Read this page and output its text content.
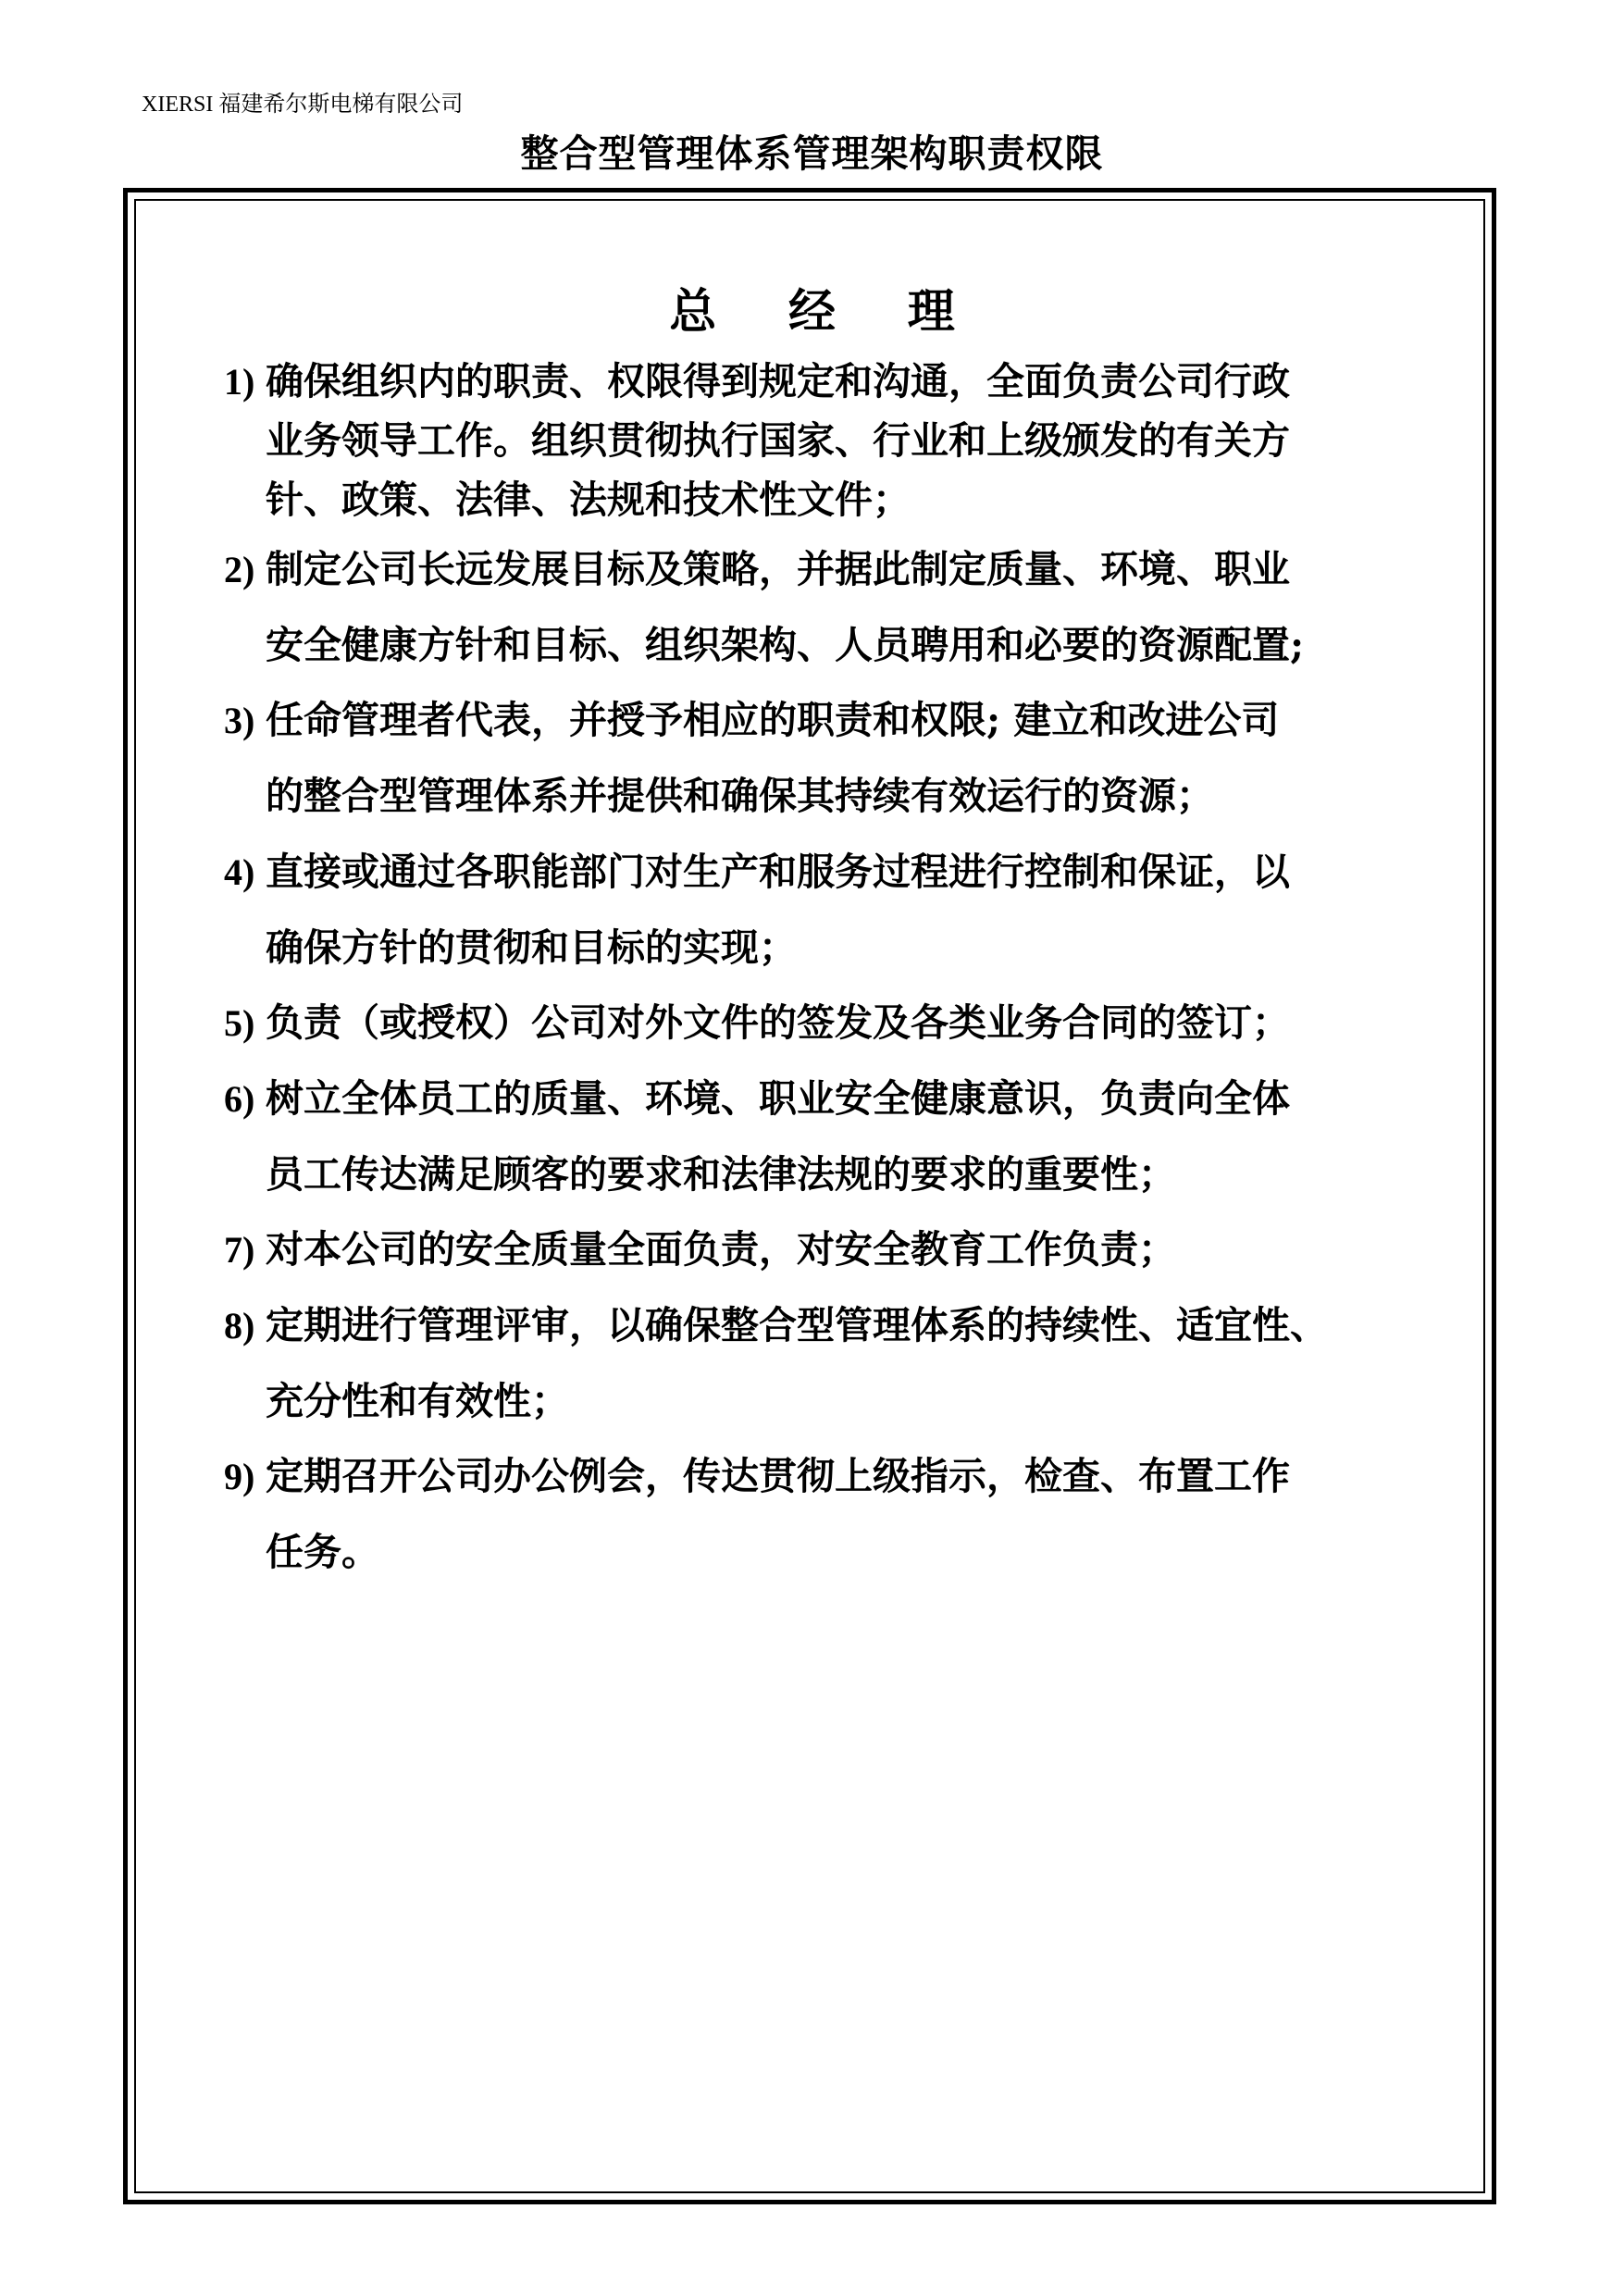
XIERSI 福建希尔斯电梯有限公司
整合型管理体系管理架构职责权限
总 经 理
1) 确保组织内的职责、权限得到规定和沟通，全面负责公司行政
业务领导工作。组织贯彻执行国家、行业和上级颁发的有关方
针、政策、法律、法规和技术性文件；
2) 制定公司长远发展目标及策略，并据此制定质量、环境、职业
安全健康方针和目标、组织架构、人员聘用和必要的资源配置;
3) 任命管理者代表，并授予相应的职责和权限; 建立和改进公司
的整合型管理体系并提供和确保其持续有效运行的资源；
4) 直接或通过各职能部门对生产和服务过程进行控制和保证，以
确保方针的贯彻和目标的实现；
5) 负责（或授权）公司对外文件的签发及各类业务合同的签订；
6) 树立全体员工的质量、环境、职业安全健康意识，负责向全体
员工传达满足顾客的要求和法律法规的要求的重要性；
7) 对本公司的安全质量全面负责，对安全教育工作负责；
8) 定期进行管理评审，以确保整合型管理体系的持续性、适宜性、
充分性和有效性；
9) 定期召开公司办公例会，传达贯彻上级指示，检查、布置工作
任务。
